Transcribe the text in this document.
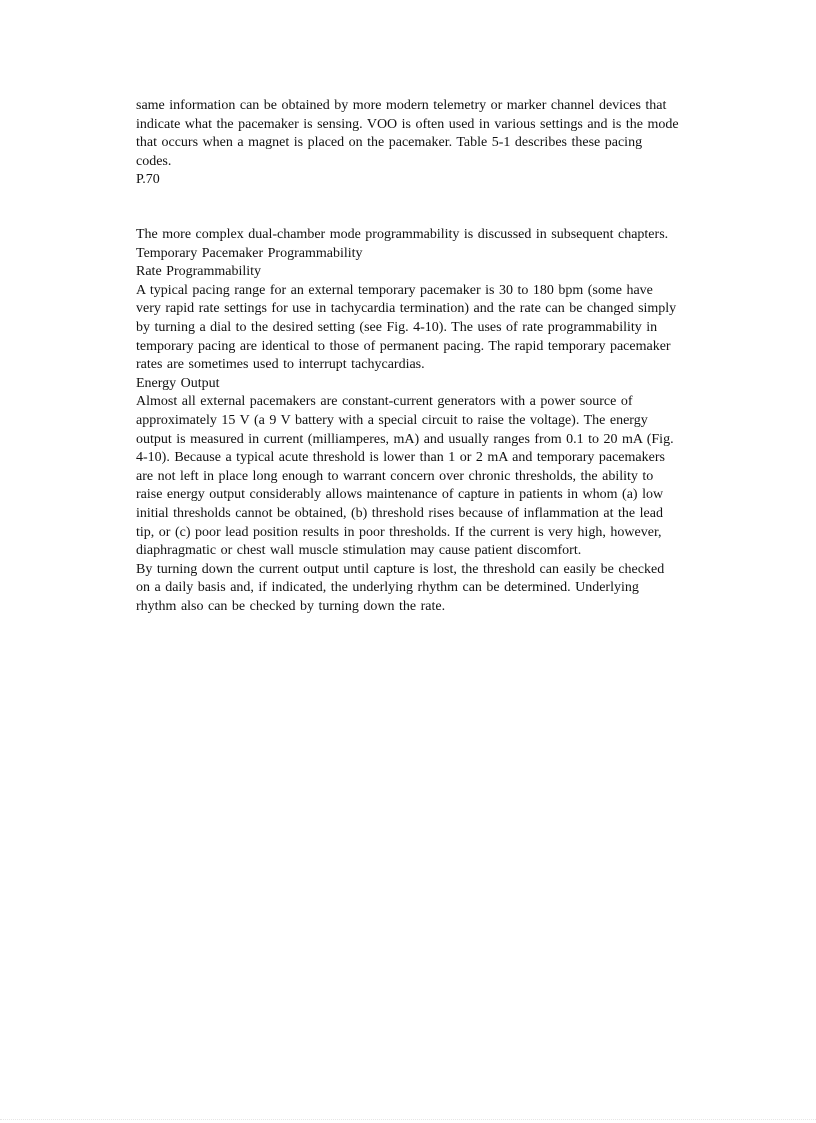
same information can be obtained by more modern telemetry or marker channel devices that
indicate what the pacemaker is sensing. VOO is often used in various settings and is the mode
that occurs when a magnet is placed on the pacemaker. Table 5-1 describes these pacing
codes.
P.70
The more complex dual-chamber mode programmability is discussed in subsequent chapters.
Temporary Pacemaker Programmability
Rate Programmability
A typical pacing range for an external temporary pacemaker is 30 to 180 bpm (some have
very rapid rate settings for use in tachycardia termination) and the rate can be changed simply
by turning a dial to the desired setting (see Fig. 4-10). The uses of rate programmability in
temporary pacing are identical to those of permanent pacing. The rapid temporary pacemaker
rates are sometimes used to interrupt tachycardias.
Energy Output
Almost all external pacemakers are constant-current generators with a power source of
approximately 15 V (a 9 V battery with a special circuit to raise the voltage). The energy
output is measured in current (milliamperes, mA) and usually ranges from 0.1 to 20 mA (Fig.
4-10). Because a typical acute threshold is lower than 1 or 2 mA and temporary pacemakers
are not left in place long enough to warrant concern over chronic thresholds, the ability to
raise energy output considerably allows maintenance of capture in patients in whom (a) low
initial thresholds cannot be obtained, (b) threshold rises because of inflammation at the lead
tip, or (c) poor lead position results in poor thresholds. If the current is very high, however,
diaphragmatic or chest wall muscle stimulation may cause patient discomfort.
By turning down the current output until capture is lost, the threshold can easily be checked
on a daily basis and, if indicated, the underlying rhythm can be determined. Underlying
rhythm also can be checked by turning down the rate.
